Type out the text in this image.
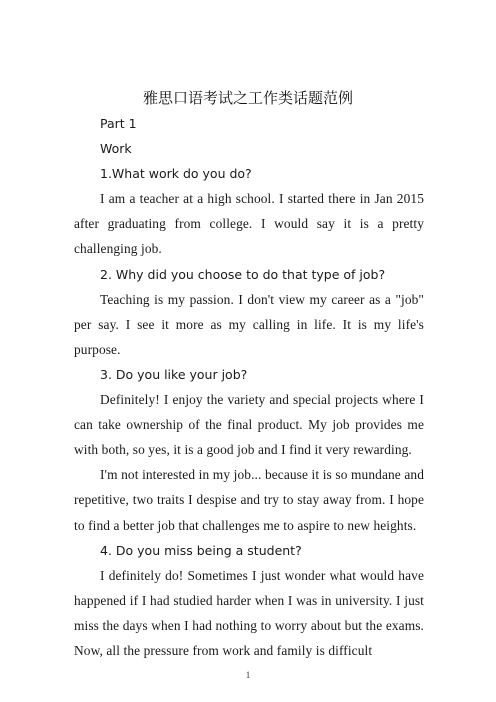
雅思口语考试之工作类话题范例

Part 1

Work

1.What work do you do?

I am a teacher at a high school. I started there in Jan 2015 after graduating from college. I would say it is a pretty challenging job.

2. Why did you choose to do that type of job?

Teaching is my passion. I don't view my career as a "job" per say. I see it more as my calling in life. It is my life's purpose.

3. Do you like your job?

Definitely! I enjoy the variety and special projects where I can take ownership of the final product. My job provides me with both, so yes, it is a good job and I find it very rewarding.

I'm not interested in my job... because it is so mundane and repetitive, two traits I despise and try to stay away from. I hope to find a better job that challenges me to aspire to new heights.

4. Do you miss being a student?

I definitely do! Sometimes I just wonder what would have happened if I had studied harder when I was in university. I just miss the days when I had nothing to worry about but the exams. Now, all the pressure from work and family is difficult

1
